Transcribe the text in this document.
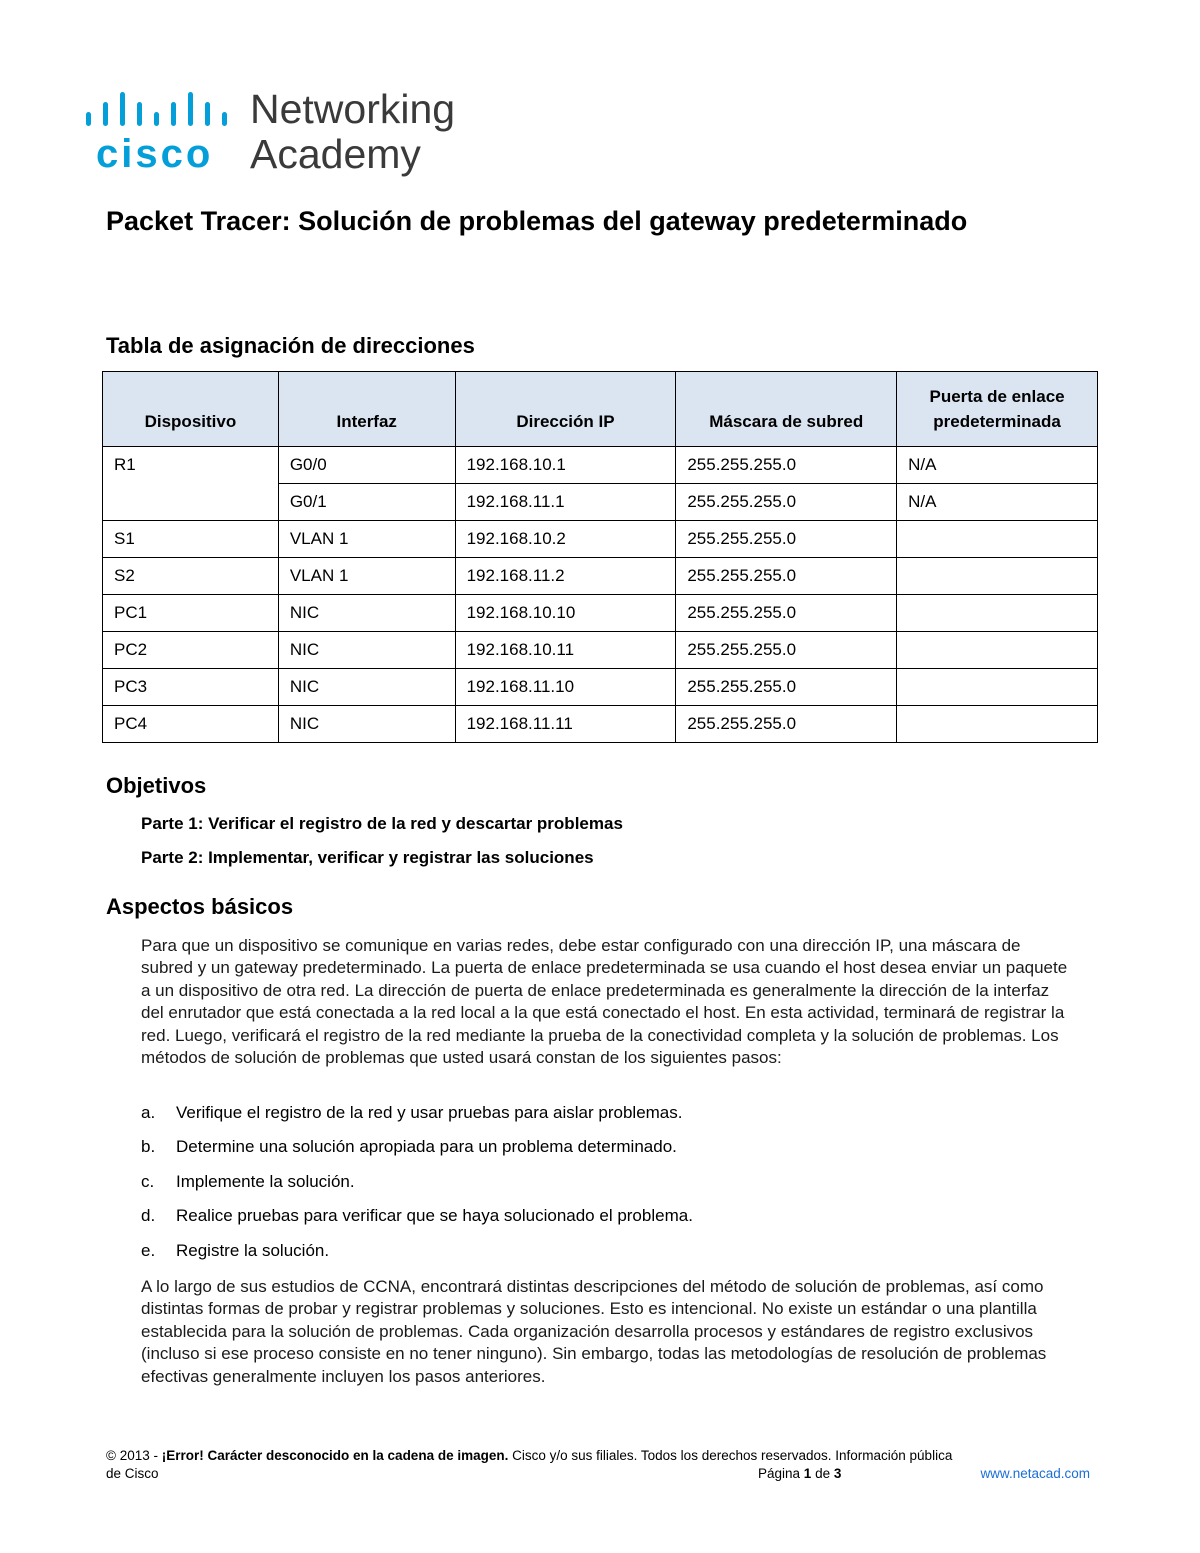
cisco
Networking
Academy
Packet Tracer: Solución de problemas del gateway predeterminado
Tabla de asignación de direcciones
Dispositivo	Interfaz	Dirección IP	Máscara de subred	Puerta de enlace predeterminada
R1	G0/0	192.168.10.1	255.255.255.0	N/A
	G0/1	192.168.11.1	255.255.255.0	N/A
S1	VLAN 1	192.168.10.2	255.255.255.0	
S2	VLAN 1	192.168.11.2	255.255.255.0	
PC1	NIC	192.168.10.10	255.255.255.0	
PC2	NIC	192.168.10.11	255.255.255.0	
PC3	NIC	192.168.11.10	255.255.255.0	
PC4	NIC	192.168.11.11	255.255.255.0	
Objetivos
Parte 1: Verificar el registro de la red y descartar problemas
Parte 2: Implementar, verificar y registrar las soluciones
Aspectos básicos
Para que un dispositivo se comunique en varias redes, debe estar configurado con una dirección IP, una máscara de subred y un gateway predeterminado. La puerta de enlace predeterminada se usa cuando el host desea enviar un paquete a un dispositivo de otra red. La dirección de puerta de enlace predeterminada es generalmente la dirección de la interfaz del enrutador que está conectada a la red local a la que está conectado el host. En esta actividad, terminará de registrar la red. Luego, verificará el registro de la red mediante la prueba de la conectividad completa y la solución de problemas. Los métodos de solución de problemas que usted usará constan de los siguientes pasos:
a. Verifique el registro de la red y usar pruebas para aislar problemas.
b. Determine una solución apropiada para un problema determinado.
c. Implemente la solución.
d. Realice pruebas para verificar que se haya solucionado el problema.
e. Registre la solución.
A lo largo de sus estudios de CCNA, encontrará distintas descripciones del método de solución de problemas, así como distintas formas de probar y registrar problemas y soluciones. Esto es intencional. No existe un estándar o una plantilla establecida para la solución de problemas. Cada organización desarrolla procesos y estándares de registro exclusivos (incluso si ese proceso consiste en no tener ninguno). Sin embargo, todas las metodologías de resolución de problemas efectivas generalmente incluyen los pasos anteriores.
© 2013 - ¡Error! Carácter desconocido en la cadena de imagen. Cisco y/o sus filiales. Todos los derechos reservados. Información pública
de Cisco	Página 1 de 3	www.netacad.com
